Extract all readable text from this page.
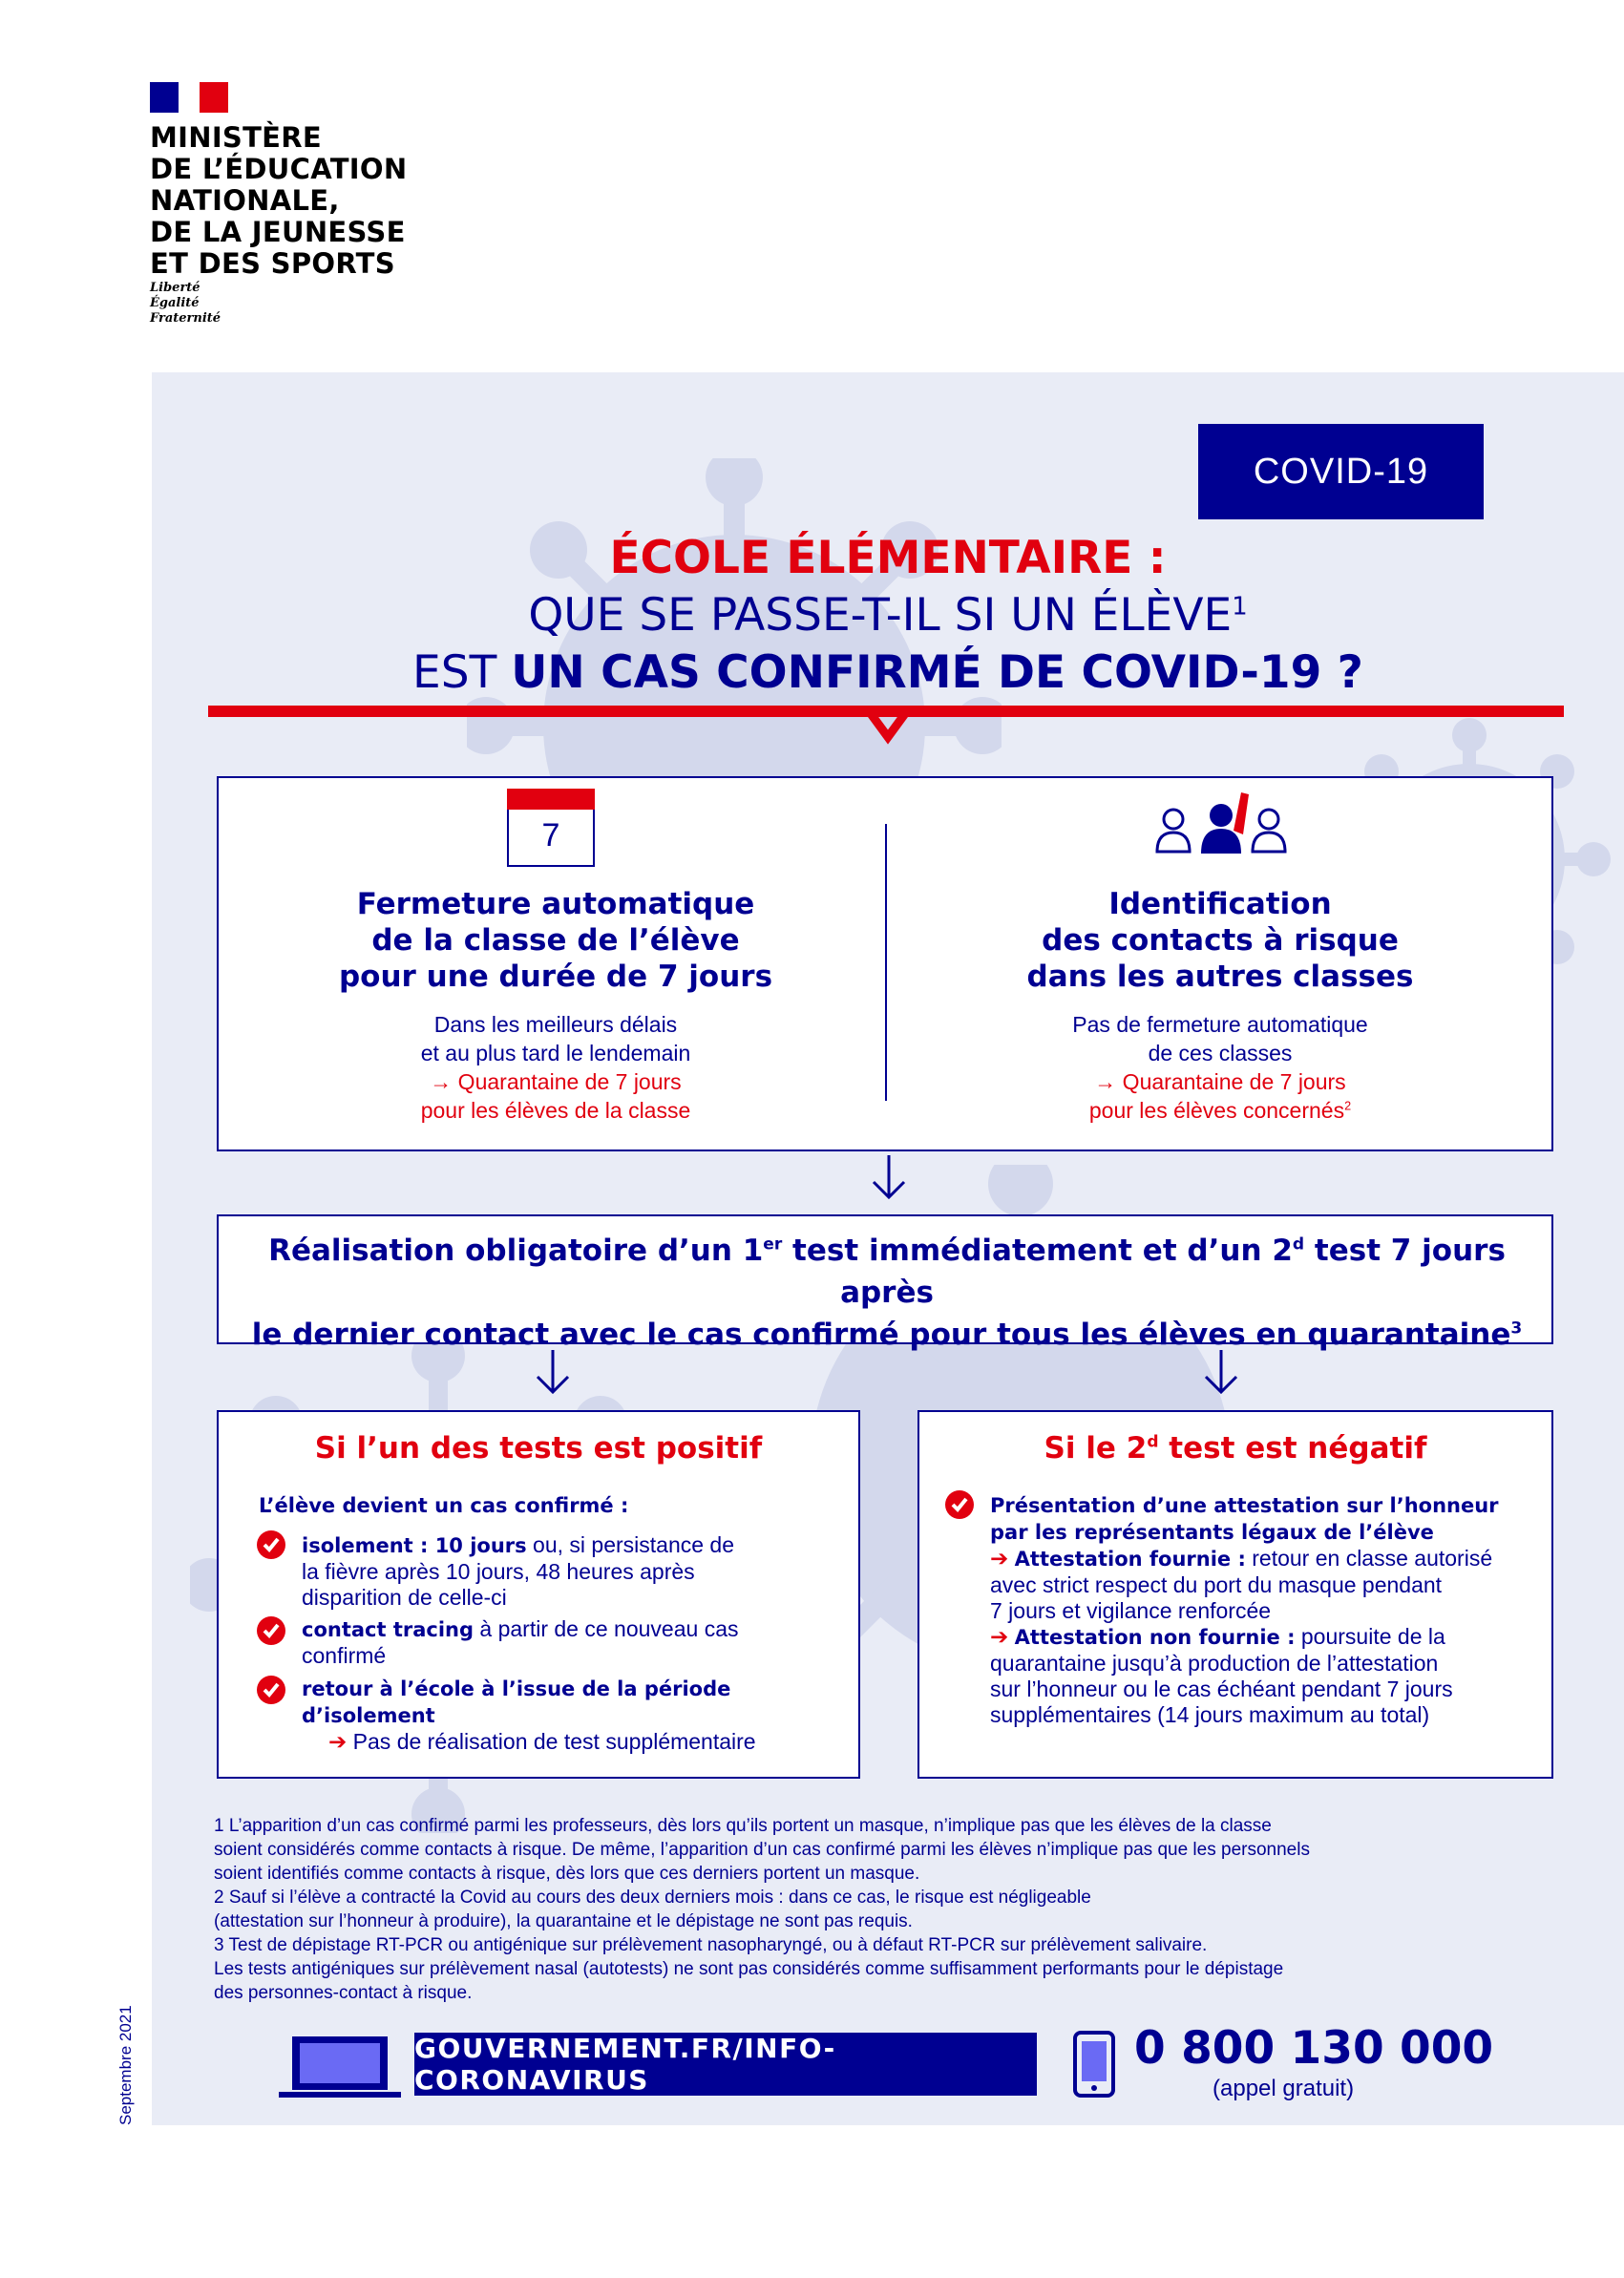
MINISTÈRE
DE L’ÉDUCATION
NATIONALE,
DE LA JEUNESSE
ET DES SPORTS

Liberté
Égalité
Fraternité

Septembre 2021
COVID-19
ÉCOLE ÉLÉMENTAIRE :
QUE SE PASSE-T-IL SI UN ÉLÈVE$^1$
EST UN CAS CONFIRMÉ DE COVID-19 ?
7
Fermeture automatique
de la classe de l’élève
pour une durée de 7 jours

Dans les meilleurs délais
et au plus tard le lendemain

→ Quarantaine de 7 jours
pour les élèves de la classe

Identification
des contacts à risque
dans les autres classes

Pas de fermeture automatique
de ces classes

→ Quarantaine de 7 jours
pour les élèves concernés$^2$

Réalisation obligatoire d’un 1er test immédiatement et d’un 2$^d$ test 7 jours après
le dernier contact avec le cas confirmé pour tous les élèves en quarantaine$^3$

Si l’un des tests est positif

L’élève devient un cas confirmé :

isolement : 10 jours ou, si persistance de
la fièvre après 10 jours, 48 heures après
disparition de celle-ci
contact tracing à partir de ce nouveau cas
confirmé
retour à l’école à l’issue de la période
d’isolement
➔ Pas de réalisation de test supplémentaire

Si le 2$^d$ test est négatif

Présentation d’une attestation sur l’honneur
par les représentants légaux de l’élève
➔ Attestation fournie : retour en classe autorisé
avec strict respect du port du masque pendant
7 jours et vigilance renforcée
➔ Attestation non fournie : poursuite de la
quarantaine jusqu’à production de l’attestation
sur l’honneur ou le cas échéant pendant 7 jours
supplémentaires (14 jours maximum au total)

1 L’apparition d’un cas confirmé parmi les professeurs, dès lors qu’ils portent un masque, n’implique pas que les élèves de la classe
soient considérés comme contacts à risque. De même, l’apparition d’un cas confirmé parmi les élèves n’implique pas que les personnels
soient identifiés comme contacts à risque, dès lors que ces derniers portent un masque.
2 Sauf si l’élève a contracté la Covid au cours des deux derniers mois : dans ce cas, le risque est négligeable
(attestation sur l’honneur à produire), la quarantaine et le dépistage ne sont pas requis.
3 Test de dépistage RT-PCR ou antigénique sur prélèvement nasopharyngé, ou à défaut RT-PCR sur prélèvement salivaire.
Les tests antigéniques sur prélèvement nasal (autotests) ne sont pas considérés comme suffisamment performants pour le dépistage
des personnes-contact à risque.

GOUVERNEMENT.FR/INFO-CORONAVIRUS
0 800 130 000
(appel gratuit)
